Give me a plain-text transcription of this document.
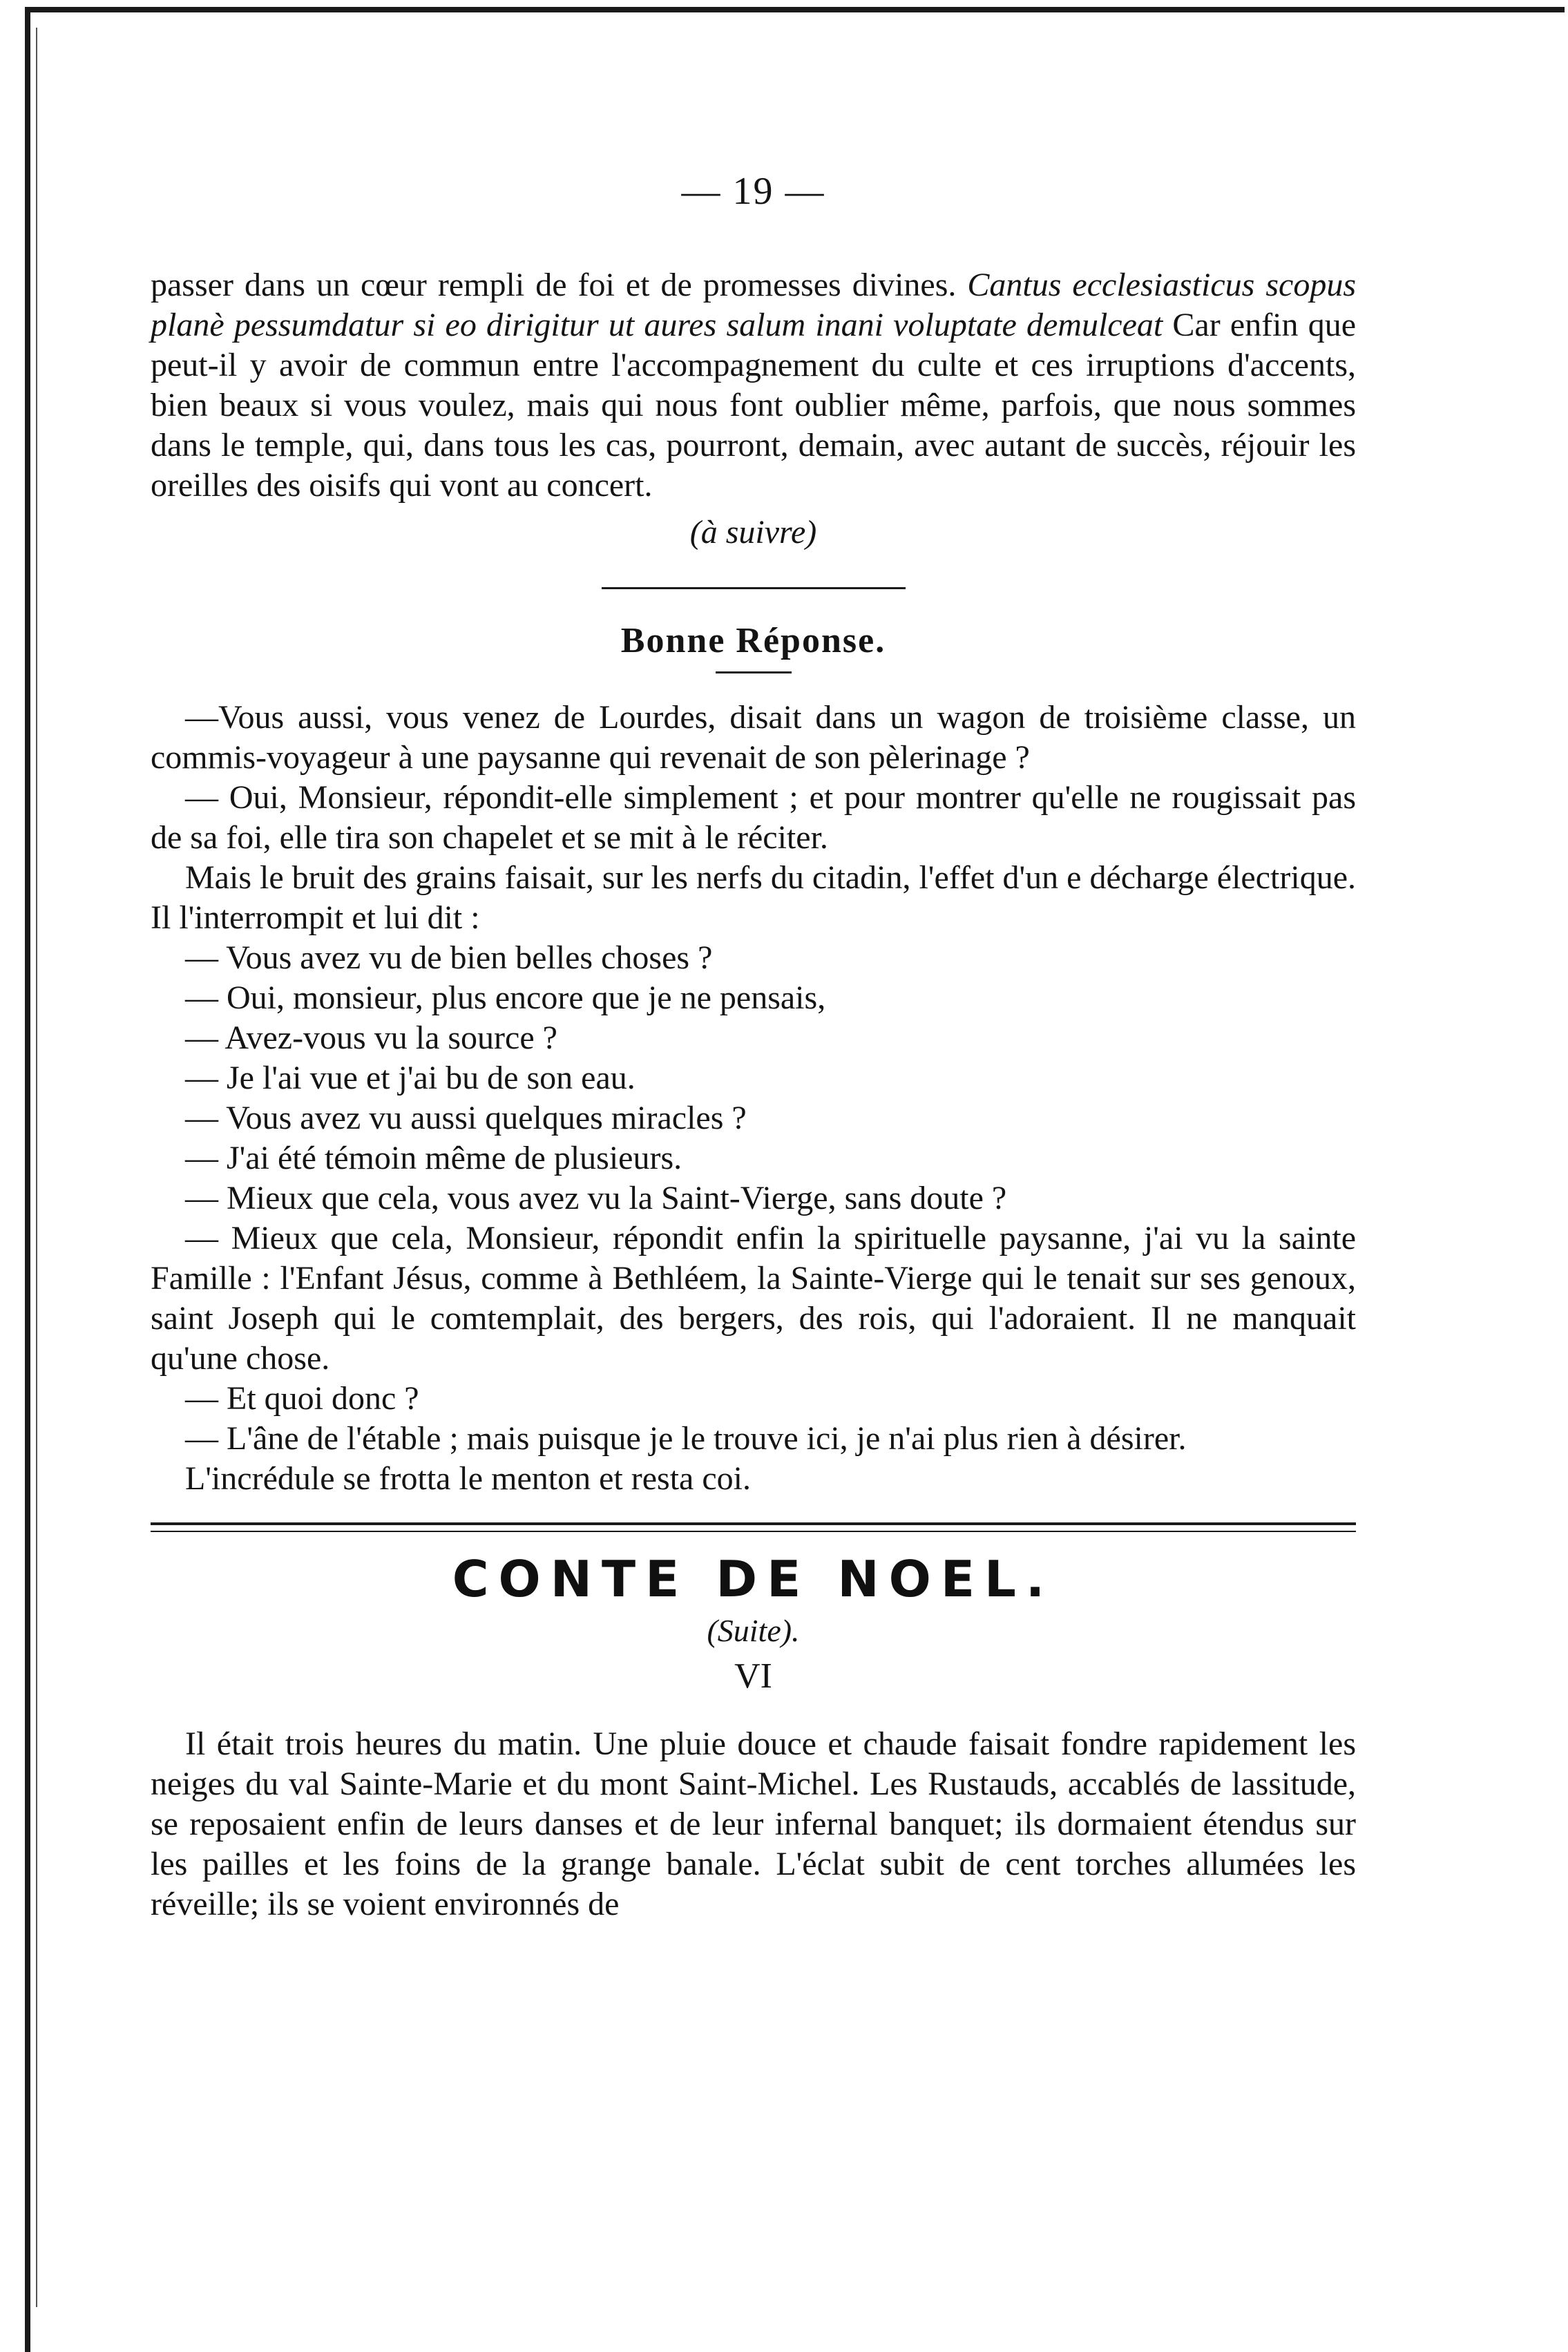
— 19 —

passer dans un cœur rempli de foi et de promesses divines. Cantus ecclesiasticus scopus planè pessumdatur si eo dirigitur ut aures salum inani voluptate demulceat Car enfin que peut-il y avoir de commun entre l'accompagnement du culte et ces irruptions d'accents, bien beaux si vous voulez, mais qui nous font oublier même, parfois, que nous sommes dans le temple, qui, dans tous les cas, pourront, demain, avec autant de succès, réjouir les oreilles des oisifs qui vont au concert.

(à suivre)
Bonne Réponse.

—Vous aussi, vous venez de Lourdes, disait dans un wagon de troisième classe, un commis-voyageur à une paysanne qui revenait de son pèlerinage ?

— Oui, Monsieur, répondit-elle simplement ; et pour montrer qu'elle ne rougissait pas de sa foi, elle tira son chapelet et se mit à le réciter.

Mais le bruit des grains faisait, sur les nerfs du citadin, l'effet d'un e décharge électrique. Il l'interrompit et lui dit :

— Vous avez vu de bien belles choses ?
— Oui, monsieur, plus encore que je ne pensais,
— Avez-vous vu la source ?
— Je l'ai vue et j'ai bu de son eau.
— Vous avez vu aussi quelques miracles ?
— J'ai été témoin même de plusieurs.
— Mieux que cela, vous avez vu la Saint-Vierge, sans doute ?

— Mieux que cela, Monsieur, répondit enfin la spirituelle paysanne, j'ai vu la sainte Famille : l'Enfant Jésus, comme à Bethléem, la Sainte-Vierge qui le tenait sur ses genoux, saint Joseph qui le comtemplait, des bergers, des rois, qui l'adoraient. Il ne manquait qu'une chose.

— Et quoi donc ?

— L'âne de l'étable ; mais puisque je le trouve ici, je n'ai plus rien à désirer.

L'incrédule se frotta le menton et resta coi.
CONTE DE NOEL.
(Suite).
VI

Il était trois heures du matin. Une pluie douce et chaude faisait fondre rapidement les neiges du val Sainte-Marie et du mont Saint-Michel. Les Rustauds, accablés de lassitude, se reposaient enfin de leurs danses et de leur infernal banquet; ils dormaient étendus sur les pailles et les foins de la grange banale. L'éclat subit de cent torches allumées les réveille; ils se voient environnés de
